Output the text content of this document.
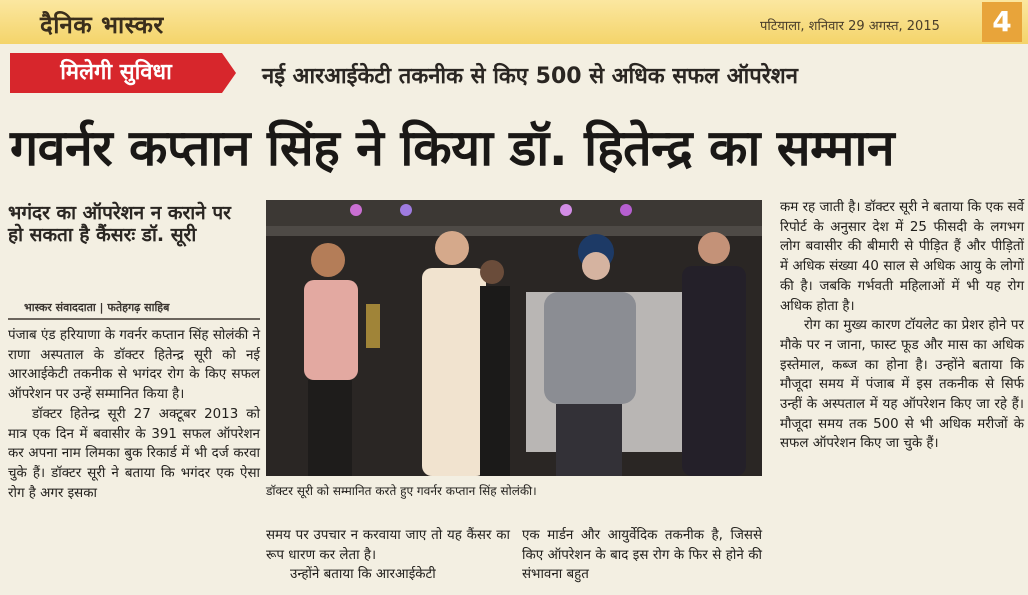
दैनिक भास्कर	पटियाला, शनिवार 29 अगस्त, 2015	4
मिलेगी सुविधा	नई आरआईकेटी तकनीक से किए 500 से अधिक सफल ऑपरेशन
गवर्नर कप्तान सिंह ने किया डॉ. हितेन्द्र का सम्मान
भगंदर का ऑपरेशन न कराने पर हो सकता है कैंसरः डॉ. सूरी
भास्कर संवाददाता | फतेहगढ़ साहिब

पंजाब एंड हरियाणा के गवर्नर कप्तान सिंह सोलंकी ने राणा अस्पताल के डॉक्टर हितेन्द्र सूरी को नई आरआईकेटी तकनीक से भगंदर रोग के किए सफल ऑपरेशन पर उन्हें सम्मानित किया है।

डॉक्टर हितेन्द्र सूरी 27 अक्टूबर 2013 को मात्र एक दिन में बवासीर के 391 सफल ऑपरेशन कर अपना नाम लिमका बुक रिकार्ड में भी दर्ज करवा चुके हैं। डॉक्टर सूरी ने बताया कि भगंदर एक ऐसा रोग है अगर इसका	डॉक्टर सूरी को सम्मानित करते हुए गवर्नर कप्तान सिंह सोलंकी।

समय पर उपचार न करवाया जाए तो यह कैंसर का रूप धारण कर लेता है।

उन्होंने बताया कि आरआईकेटी

एक मार्डन और आयुर्वेदिक तकनीक है, जिससे किए ऑपरेशन के बाद इस रोग के फिर से होने की संभावना बहुत

कम रह जाती है। डॉक्टर सूरी ने बताया कि एक सर्वे रिपोर्ट के अनुसार देश में 25 फीसदी के लगभग लोग बवासीर की बीमारी से पीड़ित हैं और पीड़ितों में अधिक संख्या 40 साल से अधिक आयु के लोगों की है। जबकि गर्भवती महिलाओं में भी यह रोग अधिक होता है।

रोग का मुख्य कारण टॉयलेट का प्रेशर होने पर मौके पर न जाना, फास्ट फूड और मास का अधिक इस्तेमाल, कब्ज का होना है। उन्होंने बताया कि मौजूदा समय में पंजाब में इस तकनीक से सिर्फ उन्हीं के अस्पताल में यह ऑपरेशन किए जा रहे हैं। मौजूदा समय तक 500 से भी अधिक मरीजों के सफल ऑपरेशन किए जा चुके हैं।
